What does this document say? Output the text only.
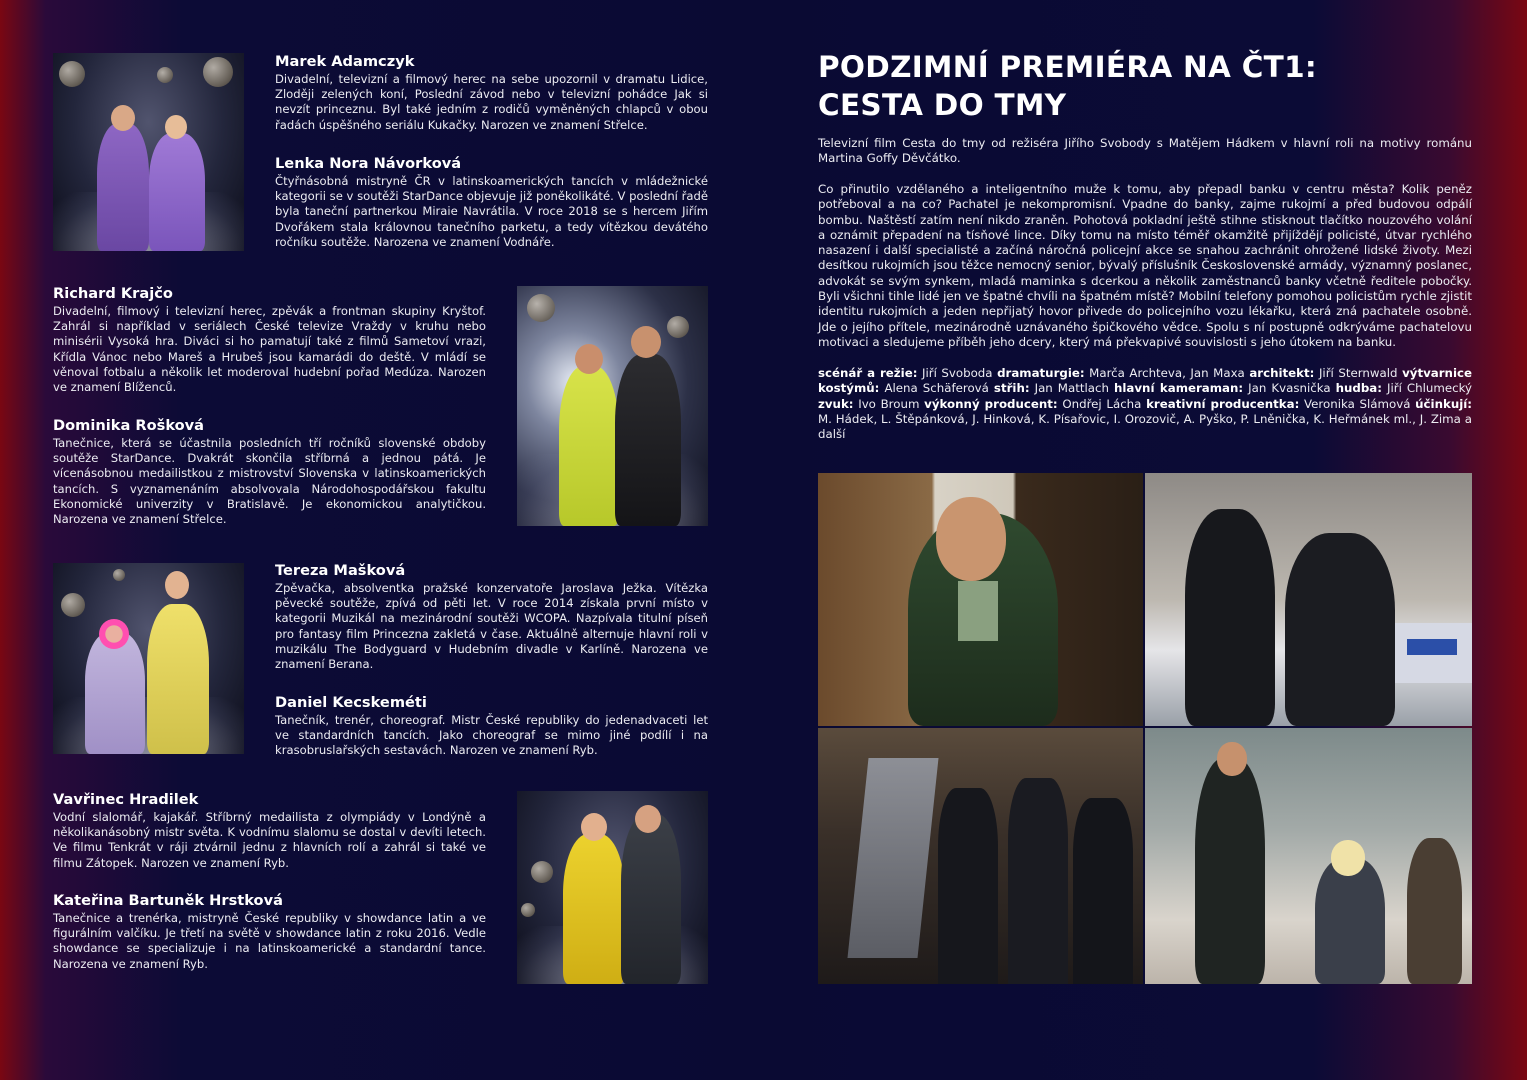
Marek Adamczyk

Divadelní, televizní a filmový herec na sebe upozornil v dramatu Lidice, Zloději zelených koní, Poslední závod nebo v televizní pohádce Jak si nevzít princeznu. Byl také jedním z rodičů vyměněných chlapců v obou řadách úspěšného seriálu Kukačky. Narozen ve znamení Střelce.

Lenka Nora Návorková

Čtyřnásobná mistryně ČR v latinskoamerických tancích v mládežnické kategorii se v soutěži StarDance objevuje již poněkolikáté. V poslední řadě byla taneční partnerkou Miraie Navrátila. V roce 2018 se s hercem Jiřím Dvořákem stala královnou tanečního parketu, a tedy vítězkou devátého ročníku soutěže. Narozena ve znamení Vodnáře.

Richard Krajčo

Divadelní, filmový i televizní herec, zpěvák a frontman skupiny Kryštof. Zahrál si například v seriálech České televize Vraždy v kruhu nebo minisérii Vysoká hra. Diváci si ho pamatují také z filmů Sametoví vrazi, Křídla Vánoc nebo Mareš a Hrubeš jsou kamarádi do deště. V mládí se věnoval fotbalu a několik let moderoval hudební pořad Medúza. Narozen ve znamení Blíženců.

Dominika Rošková

Tanečnice, která se účastnila posledních tří ročníků slovenské obdoby soutěže StarDance. Dvakrát skončila stříbrná a jednou pátá. Je vícenásobnou medailistkou z mistrovství Slovenska v latinskoamerických tancích. S vyznamenáním absolvovala Národohospodářskou fakultu Ekonomické univerzity v Bratislavě. Je ekonomickou analytičkou. Narozena ve znamení Střelce.

Tereza Mašková

Zpěvačka, absolventka pražské konzervatoře Jaroslava Ježka. Vítězka pěvecké soutěže, zpívá od pěti let. V roce 2014 získala první místo v kategorii Muzikál na mezinárodní soutěži WCOPA. Nazpívala titulní píseň pro fantasy film Princezna zakletá v čase. Aktuálně alternuje hlavní roli v muzikálu The Bodyguard v Hudebním divadle v Karlíně. Narozena ve znamení Berana.

Daniel Kecskeméti

Tanečník, trenér, choreograf. Mistr České republiky do jedenadvaceti let ve standardních tancích. Jako choreograf se mimo jiné podílí i na krasobruslařských sestavách. Narozen ve znamení Ryb.

Vavřinec Hradilek

Vodní slalomář, kajakář. Stříbrný medailista z olympiády v Londýně a několikanásobný mistr světa. K vodnímu slalomu se dostal v devíti letech. Ve filmu Tenkrát v ráji ztvárnil jednu z hlavních rolí a zahrál si také ve filmu Zátopek. Narozen ve znamení Ryb.

Kateřina Bartuněk Hrstková

Tanečnice a trenérka, mistryně České republiky v showdance latin a ve figurálním valčíku. Je třetí na světě v showdance latin z roku 2016. Vedle showdance se specializuje i na latinskoamerické a standardní tance. Narozena ve znamení Ryb.

PODZIMNÍ PREMIÉRA NA ČT1:
CESTA DO TMY

Televizní film Cesta do tmy od režiséra Jiřího Svobody s Matějem Hádkem v hlavní roli na motivy románu Martina Goffy Děvčátko.

Co přinutilo vzdělaného a inteligentního muže k tomu, aby přepadl banku v centru města? Kolik peněz potřeboval a na co? Pachatel je nekompromisní. Vpadne do banky, zajme rukojmí a před budovou odpálí bombu. Naštěstí zatím není nikdo zraněn. Pohotová pokladní ještě stihne stisknout tlačítko nouzového volání a oznámit přepadení na tísňové lince. Díky tomu na místo téměř okamžitě přijíždějí policisté, útvar rychlého nasazení i další specialisté a začíná náročná policejní akce se snahou zachránit ohrožené lidské životy. Mezi desítkou rukojmích jsou těžce nemocný senior, bývalý příslušník Československé armády, významný poslanec, advokát se svým synkem, mladá maminka s dcerkou a několik zaměstnanců banky včetně ředitele pobočky. Byli všichni tihle lidé jen ve špatné chvíli na špatném místě? Mobilní telefony pomohou policistům rychle zjistit identitu rukojmích a jeden nepřijatý hovor přivede do policejního vozu lékařku, která zná pachatele osobně. Jde o jejího přítele, mezinárodně uznávaného špičkového vědce. Spolu s ní postupně odkrýváme pachatelovu motivaci a sledujeme příběh jeho dcery, který má překvapivé souvislosti s jeho útokem na banku.

scénář a režie: Jiří Svoboda dramaturgie: Marča Archteva, Jan Maxa architekt: Jiří Sternwald výtvarnice kostýmů: Alena Schäferová střih: Jan Mattlach hlavní kameraman: Jan Kvasnička hudba: Jiří Chlumecký zvuk: Ivo Broum výkonný producent: Ondřej Lácha kreativní producentka: Veronika Slámová účinkují: M. Hádek, L. Štěpánková, J. Hinková, K. Písařovic, I. Orozovič, A. Pyško, P. Lněnička, K. Heřmánek ml., J. Zima a další
